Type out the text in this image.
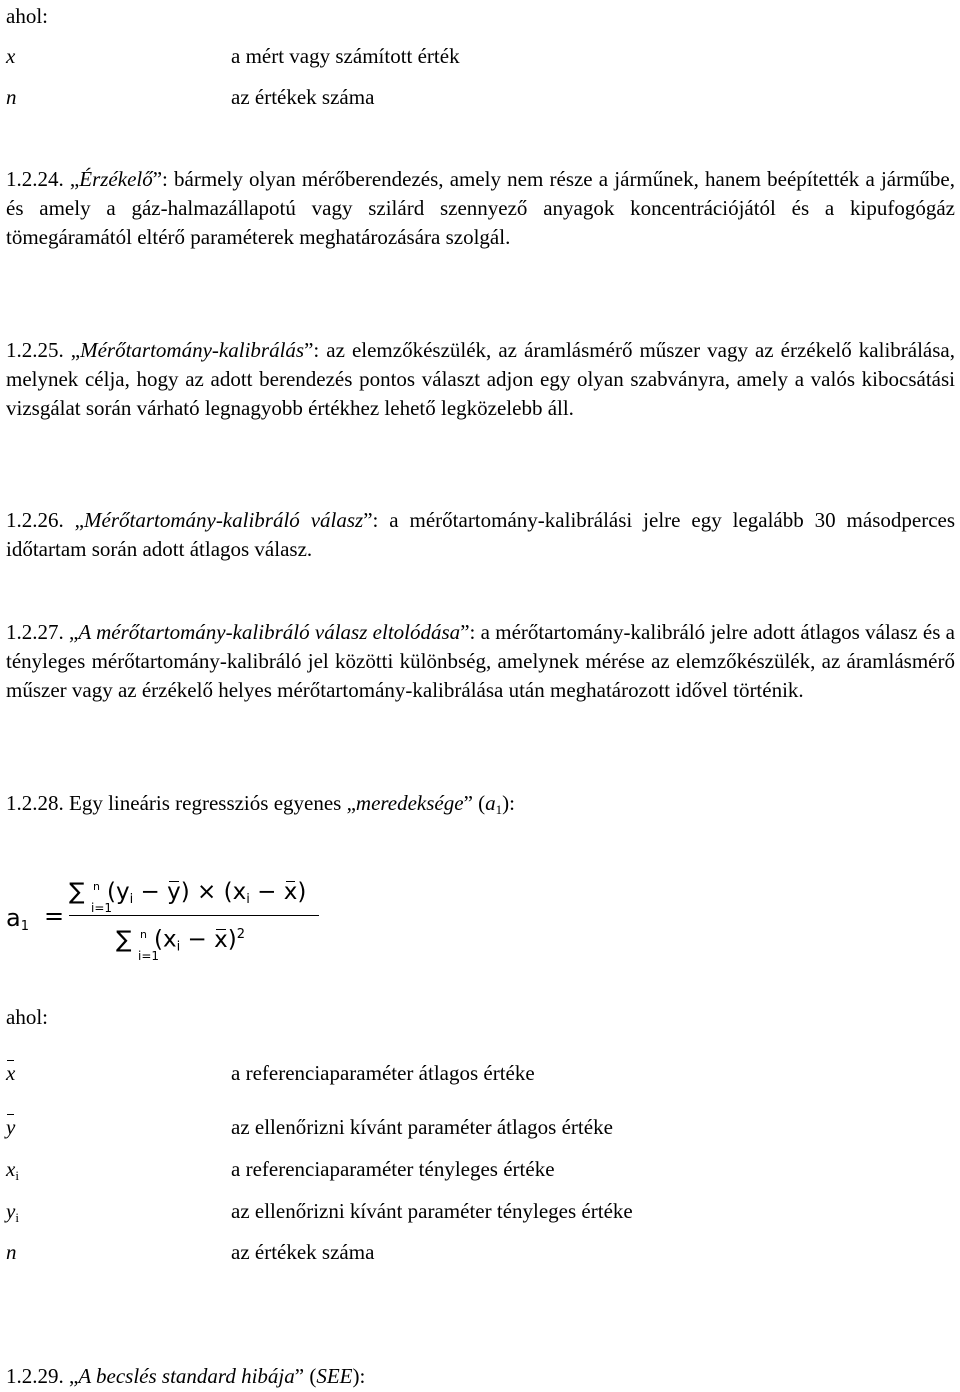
ahol:
x	a mért vagy számított érték
n	az értékek száma
1.2.24. „Érzékelő”: bármely olyan mérőberendezés, amely nem része a járműnek, hanem beépítették a járműbe, és amely a gáz-halmazállapotú vagy szilárd szennyező anyagok koncentrációjától és a kipufogógáz tömegáramától eltérő paraméterek meghatározására szolgál.
1.2.25. „Mérőtartomány-kalibrálás”: az elemzőkészülék, az áramlásmérő műszer vagy az érzékelő kalibrálása, melynek célja, hogy az adott berendezés pontos választ adjon egy olyan szabványra, amely a valós kibocsátási vizsgálat során várható legnagyobb értékhez lehető legközelebb áll.
1.2.26. „Mérőtartomány-kalibráló válasz”: a mérőtartomány-kalibrálási jelre egy legalább 30 másodperces időtartam során adott átlagos válasz.
1.2.27. „A mérőtartomány-kalibráló válasz eltolódása”: a mérőtartomány-kalibráló jelre adott átlagos válasz és a tényleges mérőtartomány-kalibráló jel közötti különbség, amelynek mérése az elemzőkészülék, az áramlásmérő műszer vagy az érzékelő helyes mérőtartomány-kalibrálása után meghatározott idővel történik.
1.2.28. Egy lineáris regressziós egyenes „meredeksége” $(a_1)$:
$a_1$ =
∑ n
i=1
$(y_i - y) \times (x_i - x)$
∑ n
i=1
$(x_i - x)^2$
ahol:
x	a referenciaparaméter átlagos értéke
y	az ellenőrizni kívánt paraméter átlagos értéke
$x_i$	a referenciaparaméter tényleges értéke
$y_i$	az ellenőrizni kívánt paraméter tényleges értéke
n	az értékek száma
1.2.29. „A becslés standard hibája” (SEE):
